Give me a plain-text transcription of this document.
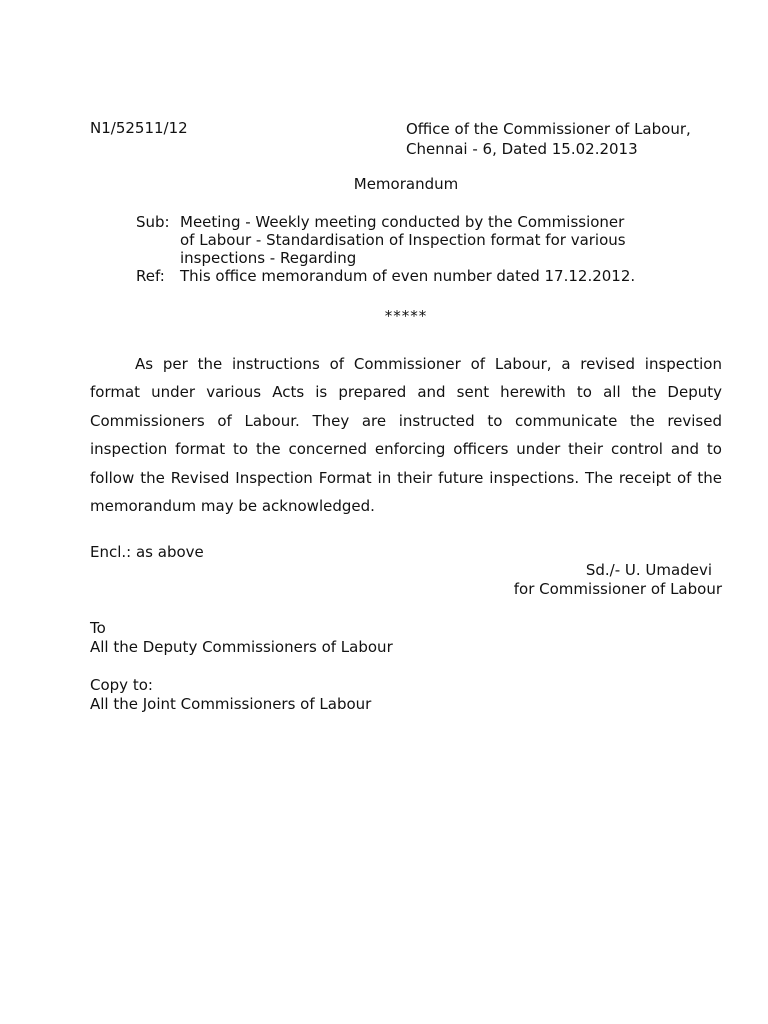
N1/52511/12	Office of the Commissioner of Labour,
Chennai - 6, Dated 15.02.2013
Memorandum
Sub: Meeting - Weekly meeting conducted by the Commissioner
of Labour - Standardisation of Inspection format for various
inspections - Regarding
Ref:	This office memorandum of even number dated 17.12.2012.
*****
As per the instructions of Commissioner of Labour, a revised inspection format under various Acts is prepared and sent herewith to all the Deputy Commissioners of Labour. They are instructed to communicate the revised inspection format to the concerned enforcing officers under their control and to follow the Revised Inspection Format in their future inspections. The receipt of the memorandum may be acknowledged.
Encl.: as above
Sd./- U. Umadevi
for Commissioner of Labour
To
All the Deputy Commissioners of Labour
Copy to:
All the Joint Commissioners of Labour
